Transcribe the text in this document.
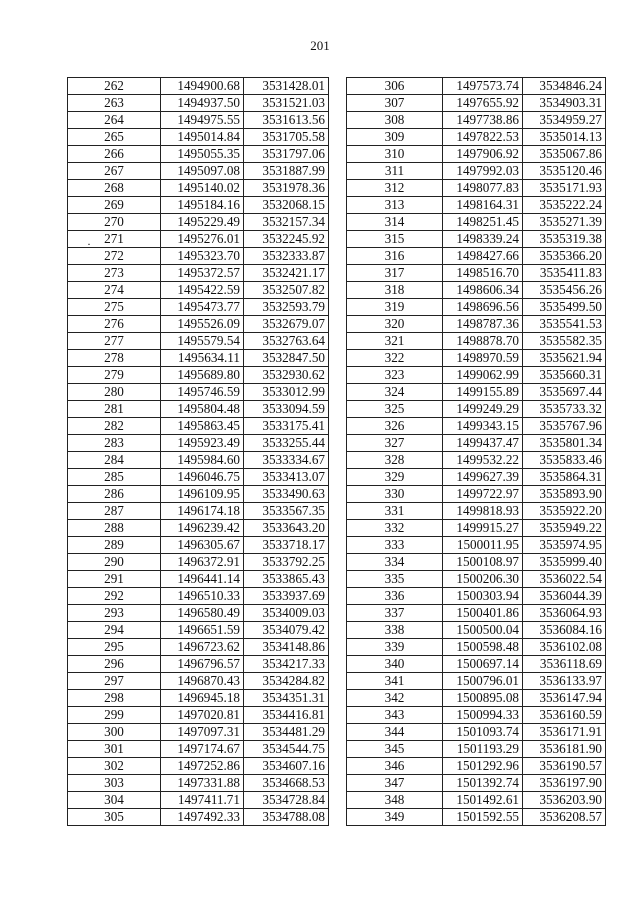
201
·
262	1494900.68	3531428.01
263	1494937.50	3531521.03
264	1494975.55	3531613.56
265	1495014.84	3531705.58
266	1495055.35	3531797.06
267	1495097.08	3531887.99
268	1495140.02	3531978.36
269	1495184.16	3532068.15
270	1495229.49	3532157.34
271	1495276.01	3532245.92
272	1495323.70	3532333.87
273	1495372.57	3532421.17
274	1495422.59	3532507.82
275	1495473.77	3532593.79
276	1495526.09	3532679.07
277	1495579.54	3532763.64
278	1495634.11	3532847.50
279	1495689.80	3532930.62
280	1495746.59	3533012.99
281	1495804.48	3533094.59
282	1495863.45	3533175.41
283	1495923.49	3533255.44
284	1495984.60	3533334.67
285	1496046.75	3533413.07
286	1496109.95	3533490.63
287	1496174.18	3533567.35
288	1496239.42	3533643.20
289	1496305.67	3533718.17
290	1496372.91	3533792.25
291	1496441.14	3533865.43
292	1496510.33	3533937.69
293	1496580.49	3534009.03
294	1496651.59	3534079.42
295	1496723.62	3534148.86
296	1496796.57	3534217.33
297	1496870.43	3534284.82
298	1496945.18	3534351.31
299	1497020.81	3534416.81
300	1497097.31	3534481.29
301	1497174.67	3534544.75
302	1497252.86	3534607.16
303	1497331.88	3534668.53
304	1497411.71	3534728.84
305	1497492.33	3534788.08
306	1497573.74	3534846.24
307	1497655.92	3534903.31
308	1497738.86	3534959.27
309	1497822.53	3535014.13
310	1497906.92	3535067.86
311	1497992.03	3535120.46
312	1498077.83	3535171.93
313	1498164.31	3535222.24
314	1498251.45	3535271.39
315	1498339.24	3535319.38
316	1498427.66	3535366.20
317	1498516.70	3535411.83
318	1498606.34	3535456.26
319	1498696.56	3535499.50
320	1498787.36	3535541.53
321	1498878.70	3535582.35
322	1498970.59	3535621.94
323	1499062.99	3535660.31
324	1499155.89	3535697.44
325	1499249.29	3535733.32
326	1499343.15	3535767.96
327	1499437.47	3535801.34
328	1499532.22	3535833.46
329	1499627.39	3535864.31
330	1499722.97	3535893.90
331	1499818.93	3535922.20
332	1499915.27	3535949.22
333	1500011.95	3535974.95
334	1500108.97	3535999.40
335	1500206.30	3536022.54
336	1500303.94	3536044.39
337	1500401.86	3536064.93
338	1500500.04	3536084.16
339	1500598.48	3536102.08
340	1500697.14	3536118.69
341	1500796.01	3536133.97
342	1500895.08	3536147.94
343	1500994.33	3536160.59
344	1501093.74	3536171.91
345	1501193.29	3536181.90
346	1501292.96	3536190.57
347	1501392.74	3536197.90
348	1501492.61	3536203.90
349	1501592.55	3536208.57
